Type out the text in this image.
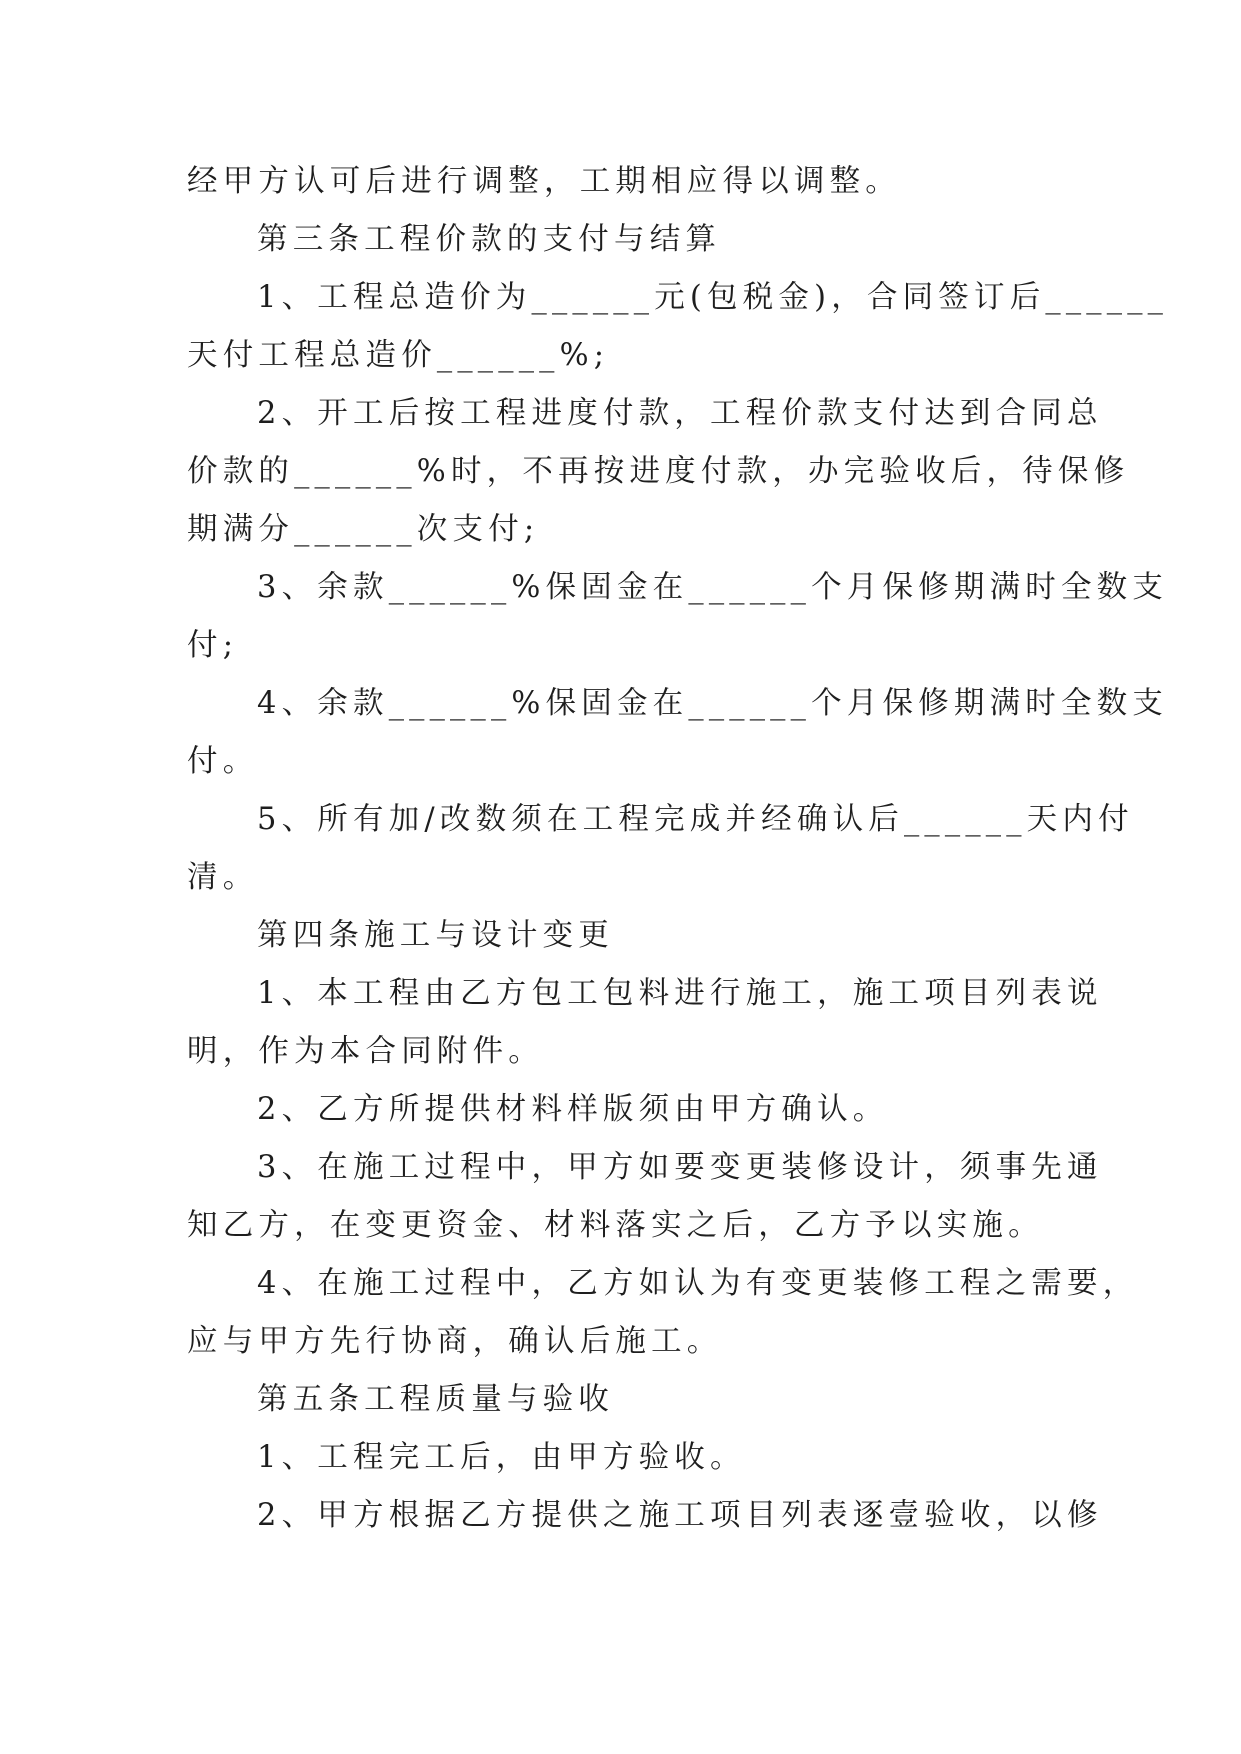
经甲方认可后进行调整，工期相应得以调整。
第三条工程价款的支付与结算
1、工程总造价为______元(包税金)，合同签订后______
天付工程总造价______%;
2、开工后按工程进度付款，工程价款支付达到合同总
价款的______%时，不再按进度付款，办完验收后，待保修
期满分______次支付;
3、余款______%保固金在______个月保修期满时全数支
付;
4、余款______%保固金在______个月保修期满时全数支
付。
5、所有加/改数须在工程完成并经确认后______天内付
清。
第四条施工与设计变更
1、本工程由乙方包工包料进行施工，施工项目列表说
明，作为本合同附件。
2、乙方所提供材料样版须由甲方确认。
3、在施工过程中，甲方如要变更装修设计，须事先通
知乙方，在变更资金、材料落实之后，乙方予以实施。
4、在施工过程中，乙方如认为有变更装修工程之需要，
应与甲方先行协商，确认后施工。
第五条工程质量与验收
1、工程完工后，由甲方验收。
2、甲方根据乙方提供之施工项目列表逐壹验收，以修
